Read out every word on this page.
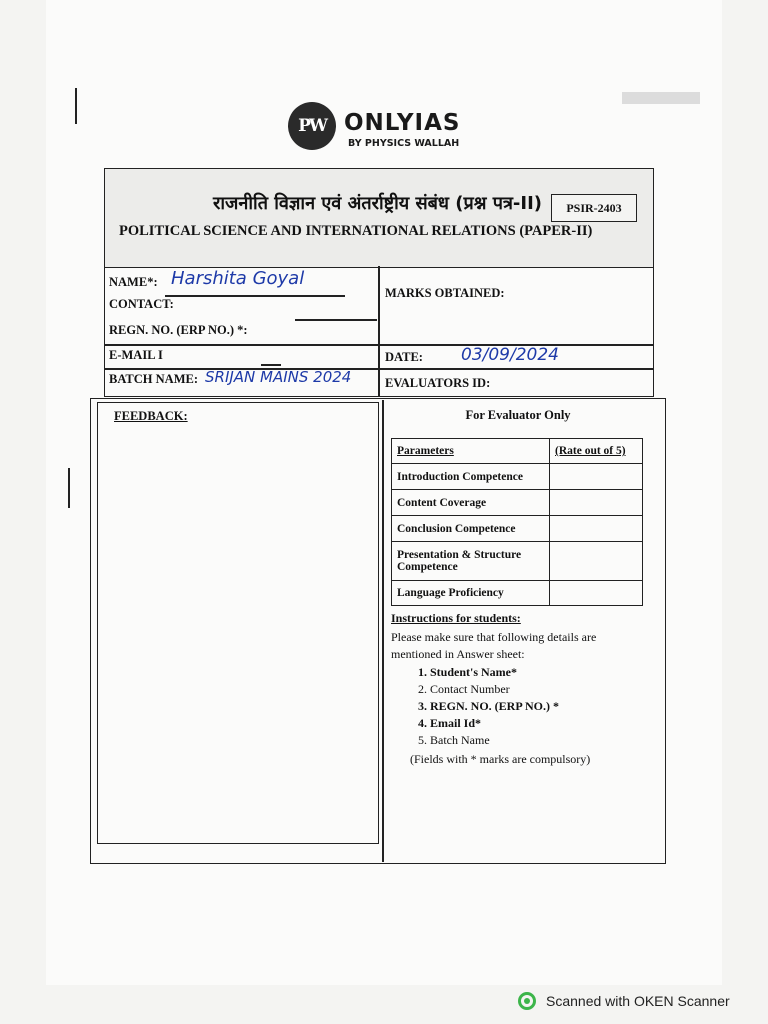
PW ONLYIAS
BY PHYSICS WALLAH
राजनीति विज्ञान एवं अंतर्राष्ट्रीय संबंध (प्रश्न पत्र-II)	PSIR-2403
POLITICAL SCIENCE AND INTERNATIONAL RELATIONS (PAPER-II)
NAME*: Harshita Goyal
CONTACT:
REGN. NO. (ERP NO.) *:
E-MAIL I
BATCH NAME: SRIJAN MAINS 2024
MARKS OBTAINED:
DATE: 03/09/2024
EVALUATORS ID:
FEEDBACK:	For Evaluator Only
Parameters	(Rate out of 5)
Introduction Competence	
Content Coverage	
Conclusion Competence	
Presentation & Structure Competence	
Language Proficiency	
Instructions for students:
Please make sure that following details are mentioned in Answer sheet:
1. Student's Name*
2. Contact Number
3. REGN. NO. (ERP NO.) *
4. Email Id*
5. Batch Name
(Fields with * marks are compulsory)
Scanned with OKEN Scanner
